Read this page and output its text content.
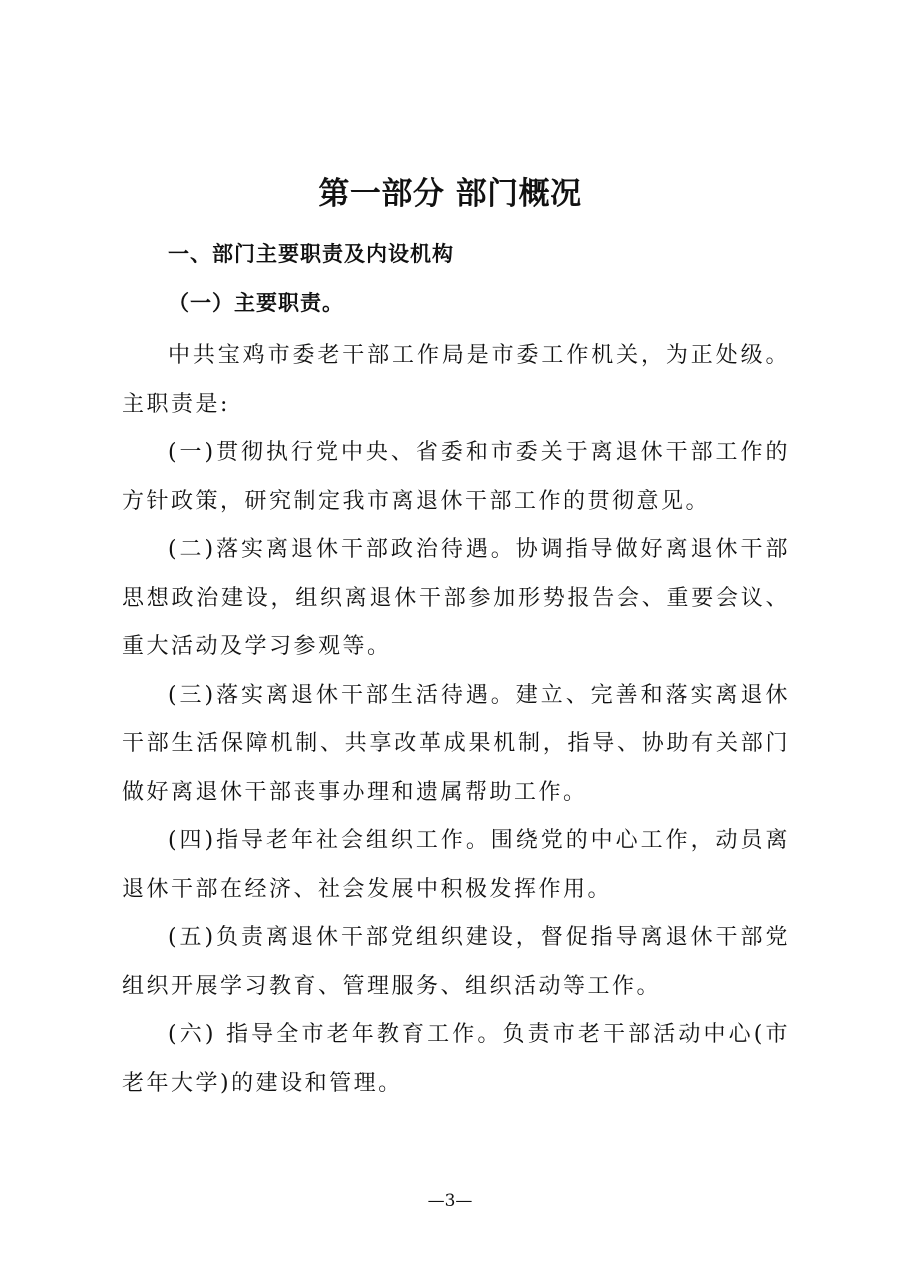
第一部分 部门概况
一、部门主要职责及内设机构
（一）主要职责。

中共宝鸡市委老干部工作局是市委工作机关，为正处级。主职责是:

(一)贯彻执行党中央、省委和市委关于离退休干部工作的方针政策，研究制定我市离退休干部工作的贯彻意见。

(二)落实离退休干部政治待遇。协调指导做好离退休干部思想政治建设，组织离退休干部参加形势报告会、重要会议、重大活动及学习参观等。

(三)落实离退休干部生活待遇。建立、完善和落实离退休干部生活保障机制、共享改革成果机制，指导、协助有关部门做好离退休干部丧事办理和遗属帮助工作。

(四)指导老年社会组织工作。围绕党的中心工作，动员离退休干部在经济、社会发展中积极发挥作用。

(五)负责离退休干部党组织建设，督促指导离退休干部党组织开展学习教育、管理服务、组织活动等工作。

(六) 指导全市老年教育工作。负责市老干部活动中心(市老年大学)的建设和管理。

—3—
